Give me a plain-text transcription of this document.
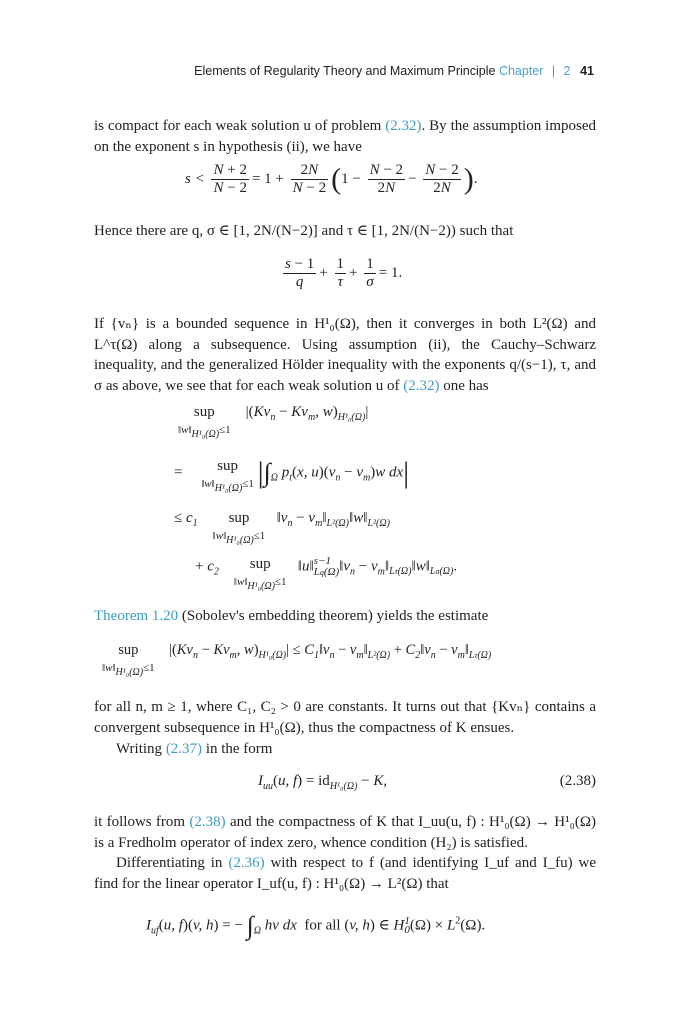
Elements of Regularity Theory and Maximum Principle Chapter | 2 41
is compact for each weak solution u of problem (2.32). By the assumption imposed on the exponent s in hypothesis (ii), we have
$s < \frac{N + 2}{N - 2} = 1 + \frac{2N}{N - 2} (1 - \frac{N - 2}{2N} - \frac{N - 2}{2N}$ ).
Hence there are q, σ ∈ [1, 2N/(N−2)] and τ ∈ [1, 2N/(N−2)) such that
$\frac{s - 1}{q} + \frac{1}{\tau} + \frac{1}{\sigma} = 1$.
If {vₙ} is a bounded sequence in H¹₀(Ω), then it converges in both L²(Ω) and L^τ(Ω) along a subsequence. Using assumption (ii), the Cauchy–Schwarz inequality, and the generalized Hölder inequality with the exponents q/(s−1), τ, and σ as above, we see that for each weak solution u of (2.32) one has
sup
‖w‖H¹₀(Ω)≤1    $|(Kv_n - Kv_m$, $w)_{H^1_0(\Omega)}|$
= sup
‖w‖H¹₀(Ω)≤1 $|\int_\Omega$ $p_t(x$, $u)(v_n - v_m)w$ dx|
≤ $c_1$ sup
‖w‖H¹₀(Ω)≤1   $‖v_n$ − $v_m‖_{L^2(\Omega)}‖w‖_{L^2(\Omega)}$
+ $c_2$ sup
‖w‖H¹₀(Ω)≤1   ‖u‖s−1
$Lq(\Omega)‖v_n$ − $v_m‖_{L\tau(\Omega)}‖w‖_{L\sigma(\Omega)}$.
Theorem 1.20 (Sobolev's embedding theorem) yields the estimate
sup
‖w‖H¹₀(Ω)≤1    $|(Kv_n - Kv_m$, $w)_{H^1_0(\Omega)}|$ ≤ $C_1‖v_n$ − $v_m‖_{L^2(\Omega)}$ + $C_2‖v_n$ − $v_m‖_{L\tau(\Omega)}$
for all n, m ≥ 1, where C₁, C₂ > 0 are constants. It turns out that {Kvₙ} contains a convergent subsequence in H¹₀(Ω), thus the compactness of K ensues.
Writing (2.37) in the form
$I_{uu}(u$, $f) = id_{H^1_0(\Omega)} - K$,	(2.38)
it follows from (2.38) and the compactness of K that I_uu(u, f) : H¹₀(Ω) → H¹₀(Ω) is a Fredholm operator of index zero, whence condition (H₂) is satisfied.
Differentiating in (2.36) with respect to f (and identifying I_uf and I_fu) we find for the linear operator I_uf(u, f) : H¹₀(Ω) → L²(Ω) that
$I_{uf}(u$, f)(v, h) = − $\int_\Omega$ hv dx  for all (v, h) ∈ H1
$0(\Omega) \times L^2(\Omega)$.
